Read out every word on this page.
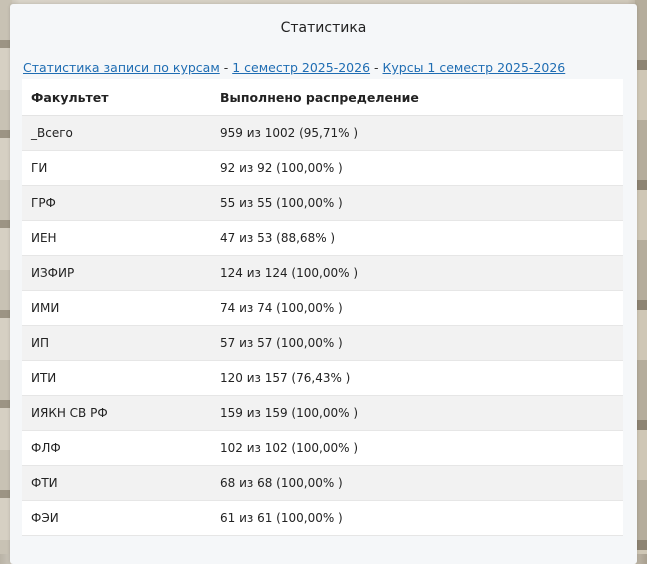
Статистика
Статистика записи по курсам - 1 семестр 2025-2026 - Курсы 1 семестр 2025-2026
Факультет	Выполнено распределение
_Всего	959 из 1002 (95,71% )
ГИ	92 из 92 (100,00% )
ГРФ	55 из 55 (100,00% )
ИЕН	47 из 53 (88,68% )
ИЗФИР	124 из 124 (100,00% )
ИМИ	74 из 74 (100,00% )
ИП	57 из 57 (100,00% )
ИТИ	120 из 157 (76,43% )
ИЯКН СВ РФ	159 из 159 (100,00% )
ФЛФ	102 из 102 (100,00% )
ФТИ	68 из 68 (100,00% )
ФЭИ	61 из 61 (100,00% )
